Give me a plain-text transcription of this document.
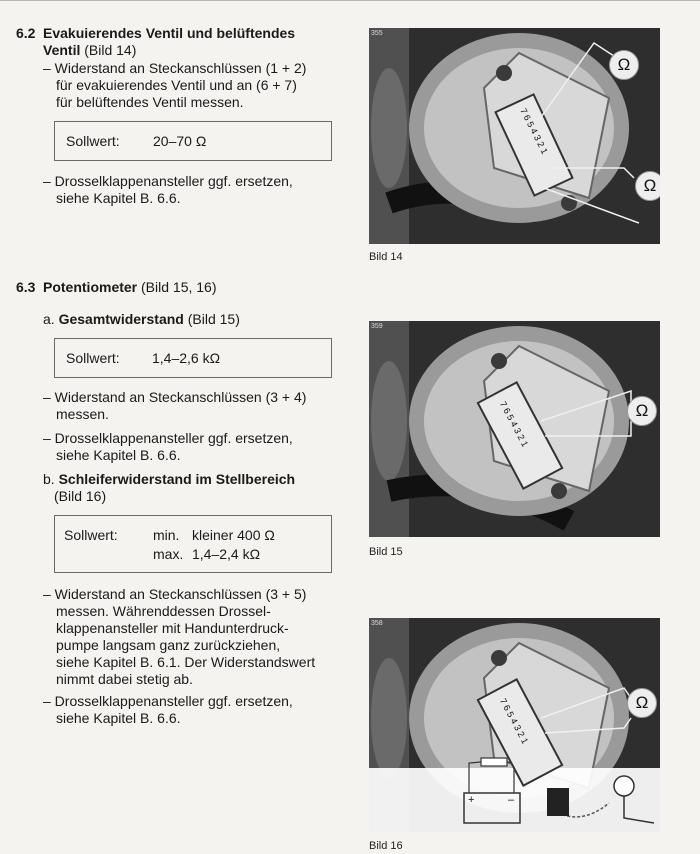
6.2 Evakuierendes Ventil und belüftendes
Ventil (Bild 14)
– Widerstand an Steckanschlüssen (1 + 2)
für evakuierendes Ventil und an (6 + 7)
für belüftendes Ventil messen.
Sollwert: 20–70 Ω
– Drosselklappenansteller ggf. ersetzen,
siehe Kapitel B. 6.6.
6.3 Potentiometer (Bild 15, 16)
a. Gesamtwiderstand (Bild 15)
Sollwert: 1,4–2,6 kΩ
– Widerstand an Steckanschlüssen (3 + 4)
messen.
– Drosselklappenansteller ggf. ersetzen,
siehe Kapitel B. 6.6.
b. Schleiferwiderstand im Stellbereich
(Bild 16)
Sollwert:	min. kleiner 400 Ω
max. 1,4–2,4 kΩ
– Widerstand an Steckanschlüssen (3 + 5)
messen. Währenddessen Drossel-
klappenansteller mit Handunterdruck-
pumpe langsam ganz zurückziehen,
siehe Kapitel B. 6.1. Der Widerstandswert
nimmt dabei stetig ab.
– Drosselklappenansteller ggf. ersetzen,
siehe Kapitel B. 6.6.
7 6 5 4 3 2 1
355
Ω
Ω
Bild 14
7 6 5 4 3 2 1
359
Ω
Bild 15
7 6 5 4 3 2 1
358
Ω
+	–
Bild 16
